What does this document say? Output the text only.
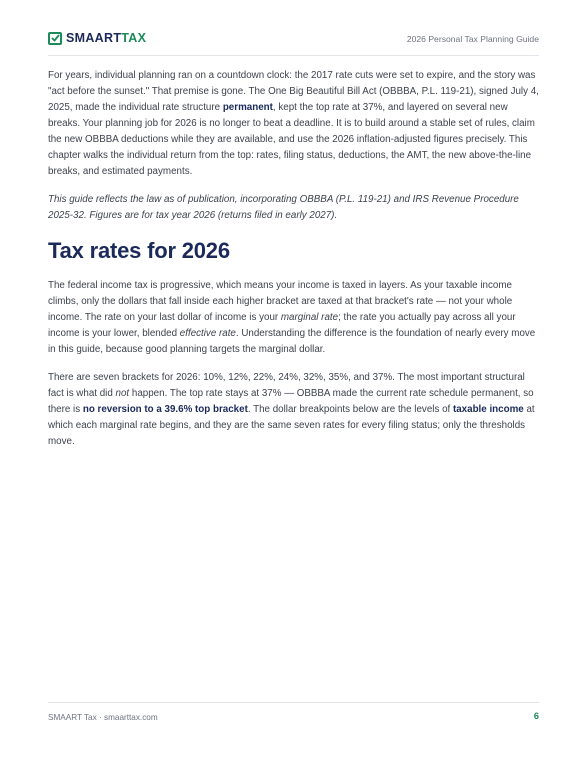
SMAARTTAX	2026 Personal Tax Planning Guide

For years, individual planning ran on a countdown clock: the 2017 rate cuts were set to expire, and the story was "act before the sunset." That premise is gone. The One Big Beautiful Bill Act (OBBBA, P.L. 119-21), signed July 4, 2025, made the individual rate structure permanent, kept the top rate at 37%, and layered on several new breaks. Your planning job for 2026 is no longer to beat a deadline. It is to build around a stable set of rules, claim the new OBBBA deductions while they are available, and use the 2026 inflation-adjusted figures precisely. This chapter walks the individual return from the top: rates, filing status, deductions, the AMT, the new above-the-line breaks, and estimated payments.

This guide reflects the law as of publication, incorporating OBBBA (P.L. 119-21) and IRS Revenue Procedure 2025-32. Figures are for tax year 2026 (returns filed in early 2027).

Tax rates for 2026

The federal income tax is progressive, which means your income is taxed in layers. As your taxable income climbs, only the dollars that fall inside each higher bracket are taxed at that bracket's rate — not your whole income. The rate on your last dollar of income is your marginal rate; the rate you actually pay across all your income is your lower, blended effective rate. Understanding the difference is the foundation of nearly every move in this guide, because good planning targets the marginal dollar.

There are seven brackets for 2026: 10%, 12%, 22%, 24%, 32%, 35%, and 37%. The most important structural fact is what did not happen. The top rate stays at 37% — OBBBA made the current rate schedule permanent, so there is no reversion to a 39.6% top bracket. The dollar breakpoints below are the levels of taxable income at which each marginal rate begins, and they are the same seven rates for every filing status; only the thresholds move.

SMAART Tax · smaarttax.com	6
